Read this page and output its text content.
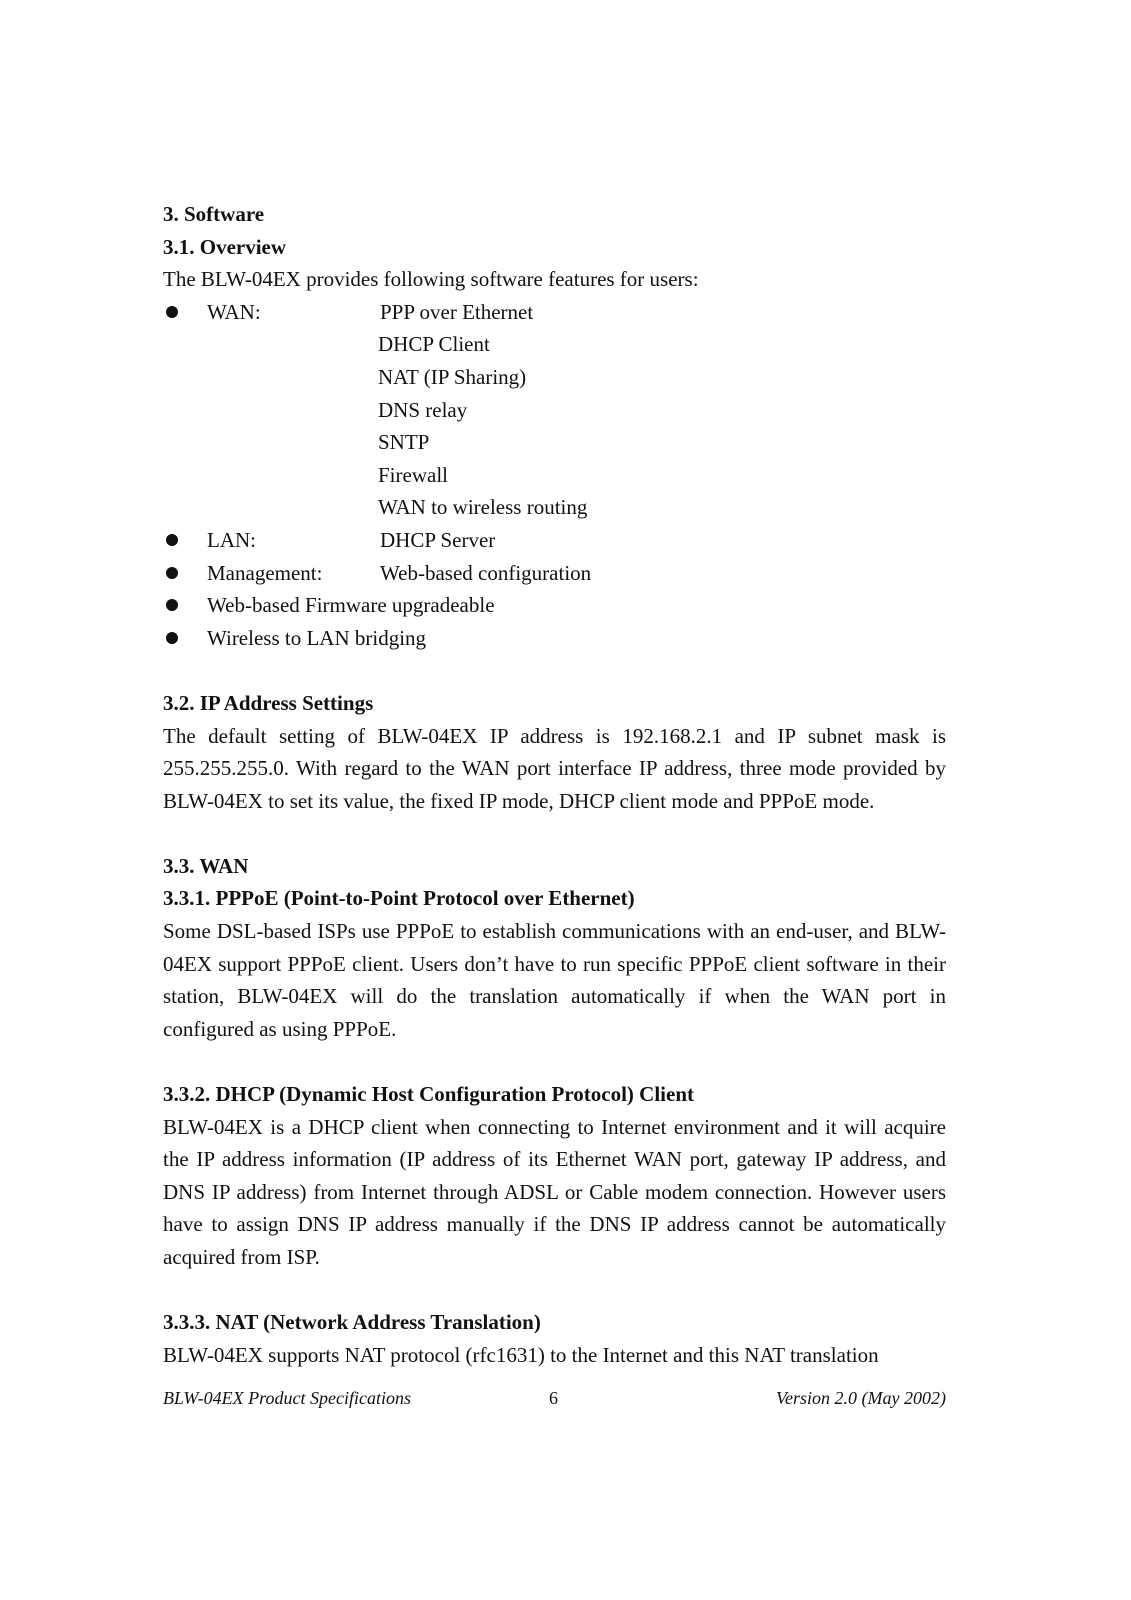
3. Software

3.1. Overview

The BLW-04EX provides following software features for users:

WAN:	PPP over Ethernet
DHCP Client
NAT (IP Sharing)
DNS relay
SNTP
Firewall
WAN to wireless routing
LAN:	DHCP Server
Management:	Web-based configuration
Web-based Firmware upgradeable
Wireless to LAN bridging

3.2. IP Address Settings

The default setting of BLW-04EX IP address is 192.168.2.1 and IP subnet mask is 255.255.255.0. With regard to the WAN port interface IP address, three mode provided by BLW-04EX to set its value, the fixed IP mode, DHCP client mode and PPPoE mode.

3.3. WAN

3.3.1. PPPoE (Point-to-Point Protocol over Ethernet)

Some DSL-based ISPs use PPPoE to establish communications with an end-user, and BLW-04EX support PPPoE client. Users don’t have to run specific PPPoE client software in their station, BLW-04EX will do the translation automatically if when the WAN port in configured as using PPPoE.

3.3.2. DHCP (Dynamic Host Configuration Protocol) Client

BLW-04EX is a DHCP client when connecting to Internet environment and it will acquire the IP address information (IP address of its Ethernet WAN port, gateway IP address, and DNS IP address) from Internet through ADSL or Cable modem connection. However users have to assign DNS IP address manually if the DNS IP address cannot be automatically acquired from ISP.

3.3.3. NAT (Network Address Translation)

BLW-04EX supports NAT protocol (rfc1631) to the Internet and this NAT translation

BLW-04EX Product Specifications	6	Version 2.0 (May 2002)
